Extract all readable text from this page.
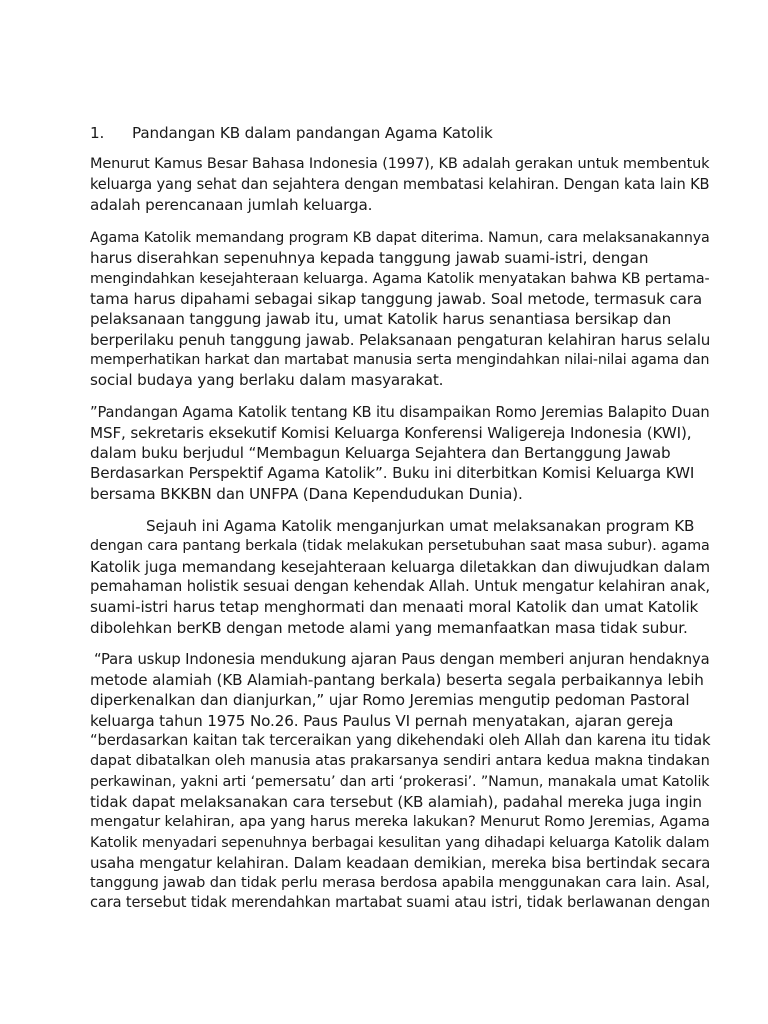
1. Pandangan KB dalam pandangan Agama Katolik
Menurut Kamus Besar Bahasa Indonesia (1997), KB adalah gerakan untuk membentuk
keluarga yang sehat dan sejahtera dengan membatasi kelahiran. Dengan kata lain KB
adalah perencanaan jumlah keluarga.
Agama Katolik memandang program KB dapat diterima. Namun, cara melaksanakannya
harus diserahkan sepenuhnya kepada tanggung jawab suami-istri, dengan
mengindahkan kesejahteraan keluarga. Agama Katolik menyatakan bahwa KB pertama-
tama harus dipahami sebagai sikap tanggung jawab. Soal metode, termasuk cara
pelaksanaan tanggung jawab itu, umat Katolik harus senantiasa bersikap dan
berperilaku penuh tanggung jawab. Pelaksanaan pengaturan kelahiran harus selalu
memperhatikan harkat dan martabat manusia serta mengindahkan nilai-nilai agama dan
social budaya yang berlaku dalam masyarakat.
”Pandangan Agama Katolik tentang KB itu disampaikan Romo Jeremias Balapito Duan
MSF, sekretaris eksekutif Komisi Keluarga Konferensi Waligereja Indonesia (KWI),
dalam buku berjudul “Membagun Keluarga Sejahtera dan Bertanggung Jawab
Berdasarkan Perspektif Agama Katolik”. Buku ini diterbitkan Komisi Keluarga KWI
bersama BKKBN dan UNFPA (Dana Kependudukan Dunia).
Sejauh ini Agama Katolik menganjurkan umat melaksanakan program KB
dengan cara pantang berkala (tidak melakukan persetubuhan saat masa subur). agama
Katolik juga memandang kesejahteraan keluarga diletakkan dan diwujudkan dalam
pemahaman holistik sesuai dengan kehendak Allah. Untuk mengatur kelahiran anak,
suami-istri harus tetap menghormati dan menaati moral Katolik dan umat Katolik
dibolehkan berKB dengan metode alami yang memanfaatkan masa tidak subur.
“Para uskup Indonesia mendukung ajaran Paus dengan memberi anjuran hendaknya
metode alamiah (KB Alamiah-pantang berkala) beserta segala perbaikannya lebih
diperkenalkan dan dianjurkan,” ujar Romo Jeremias mengutip pedoman Pastoral
keluarga tahun 1975 No.26. Paus Paulus VI pernah menyatakan, ajaran gereja
“berdasarkan kaitan tak terceraikan yang dikehendaki oleh Allah dan karena itu tidak
dapat dibatalkan oleh manusia atas prakarsanya sendiri antara kedua makna tindakan
perkawinan, yakni arti ‘pemersatu’ dan arti ‘prokerasi’. ”Namun, manakala umat Katolik
tidak dapat melaksanakan cara tersebut (KB alamiah), padahal mereka juga ingin
mengatur kelahiran, apa yang harus mereka lakukan? Menurut Romo Jeremias, Agama
Katolik menyadari sepenuhnya berbagai kesulitan yang dihadapi keluarga Katolik dalam
usaha mengatur kelahiran. Dalam keadaan demikian, mereka bisa bertindak secara
tanggung jawab dan tidak perlu merasa berdosa apabila menggunakan cara lain. Asal,
cara tersebut tidak merendahkan martabat suami atau istri, tidak berlawanan dengan
